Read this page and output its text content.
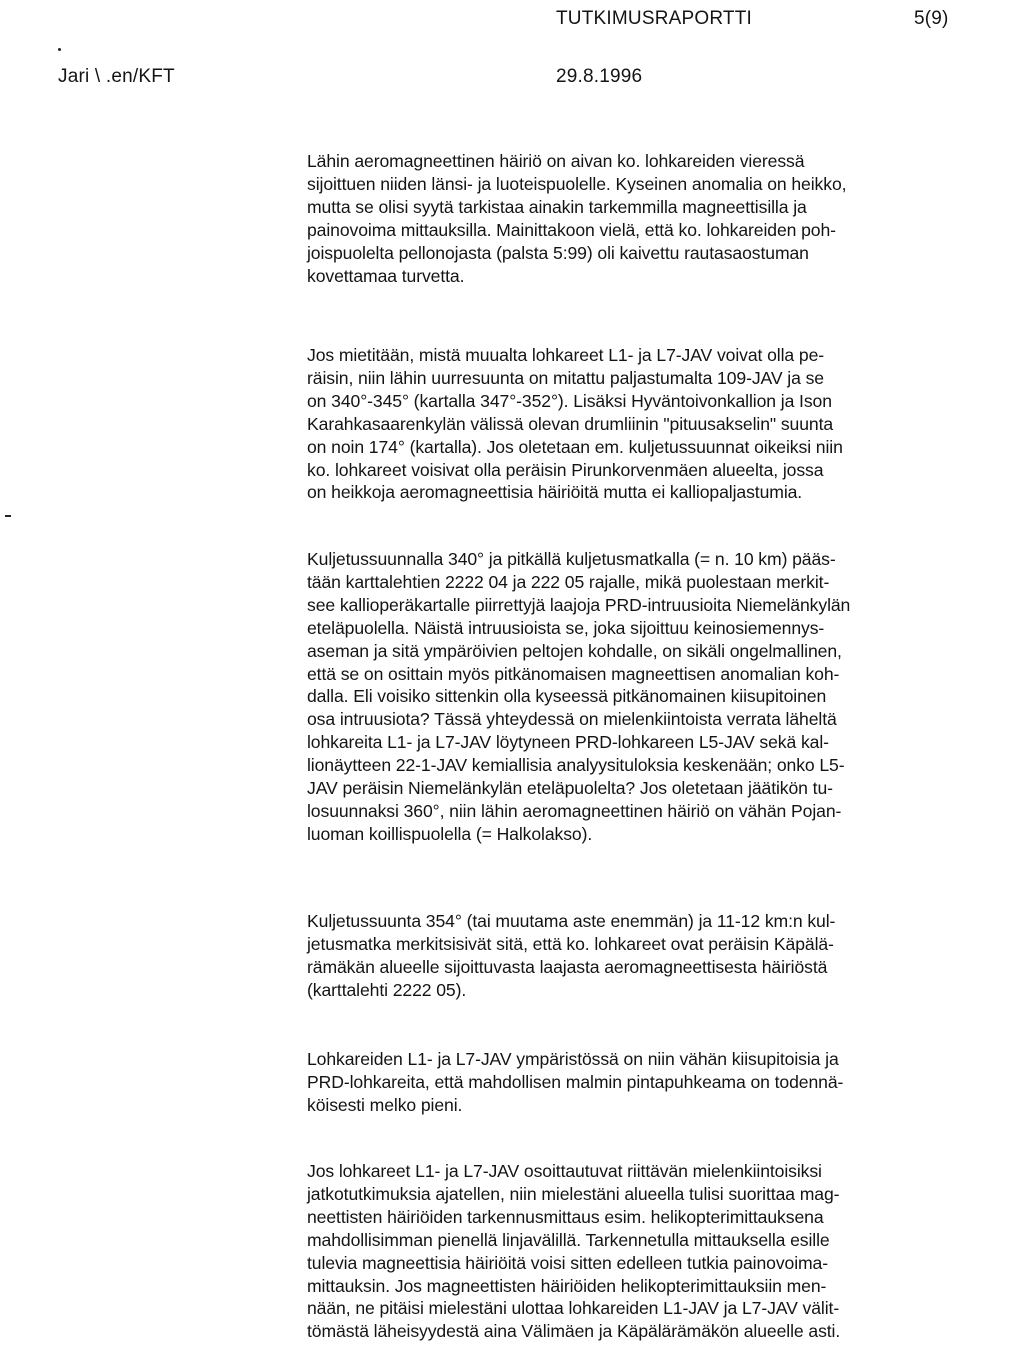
TUTKIMUSRAPORTTI	5(9)
Jari \ .en/KFT	29.8.1996
Lähin aeromagneettinen häiriö on aivan ko. lohkareiden vieressä
sijoittuen niiden länsi- ja luoteispuolelle. Kyseinen anomalia on heikko,
mutta se olisi syytä tarkistaa ainakin tarkemmilla magneettisilla ja
painovoima mittauksilla. Mainittakoon vielä, että ko. lohkareiden poh-
joispuolelta pellonojasta (palsta 5:99) oli kaivettu rautasaostuman
kovettamaa turvetta.
Jos mietitään, mistä muualta lohkareet L1- ja L7-JAV voivat olla pe-
räisin, niin lähin uurresuunta on mitattu paljastumalta 109-JAV ja se
on 340°-345° (kartalla 347°-352°). Lisäksi Hyväntoivonkallion ja Ison
Karahkasaarenkylän välissä olevan drumliinin "pituusakselin" suunta
on noin 174° (kartalla). Jos oletetaan em. kuljetussuunnat oikeiksi niin
ko. lohkareet voisivat olla peräisin Pirunkorvenmäen alueelta, jossa
on heikkoja aeromagneettisia häiriöitä mutta ei kalliopaljastumia.
Kuljetussuunnalla 340° ja pitkällä kuljetusmatkalla (= n. 10 km) pääs-
tään karttalehtien 2222 04 ja 222 05 rajalle, mikä puolestaan merkit-
see kallioperäkartalle piirrettyjä laajoja PRD-intruusioita Niemelänkylän
eteläpuolella. Näistä intruusioista se, joka sijoittuu keinosiemennys-
aseman ja sitä ympäröivien peltojen kohdalle, on sikäli ongelmallinen,
että se on osittain myös pitkänomaisen magneettisen anomalian koh-
dalla. Eli voisiko sittenkin olla kyseessä pitkänomainen kiisupitoinen
osa intruusiota? Tässä yhteydessä on mielenkiintoista verrata läheltä
lohkareita L1- ja L7-JAV löytyneen PRD-lohkareen L5-JAV sekä kal-
lionäytteen 22-1-JAV kemiallisia analyysituloksia keskenään; onko L5-
JAV peräisin Niemelänkylän eteläpuolelta? Jos oletetaan jäätikön tu-
losuunnaksi 360°, niin lähin aeromagneettinen häiriö on vähän Pojan-
luoman koillispuolella (= Halkolakso).
Kuljetussuunta 354° (tai muutama aste enemmän) ja 11-12 km:n kul-
jetusmatka merkitsisivät sitä, että ko. lohkareet ovat peräisin Käpälä-
rämäkän alueelle sijoittuvasta laajasta aeromagneettisesta häiriöstä
(karttalehti 2222 05).
Lohkareiden L1- ja L7-JAV ympäristössä on niin vähän kiisupitoisia ja
PRD-lohkareita, että mahdollisen malmin pintapuhkeama on todennä-
köisesti melko pieni.
Jos lohkareet L1- ja L7-JAV osoittautuvat riittävän mielenkiintoisiksi
jatkotutkimuksia ajatellen, niin mielestäni alueella tulisi suorittaa mag-
neettisten häiriöiden tarkennusmittaus esim. helikopterimittauksena
mahdollisimman pienellä linjavälillä. Tarkennetulla mittauksella esille
tulevia magneettisia häiriöitä voisi sitten edelleen tutkia painovoima-
mittauksin. Jos magneettisten häiriöiden helikopterimittauksiin men-
nään, ne pitäisi mielestäni ulottaa lohkareiden L1-JAV ja L7-JAV välit-
tömästä läheisyydestä aina Välimäen ja Käpälärämäkön alueelle asti.
